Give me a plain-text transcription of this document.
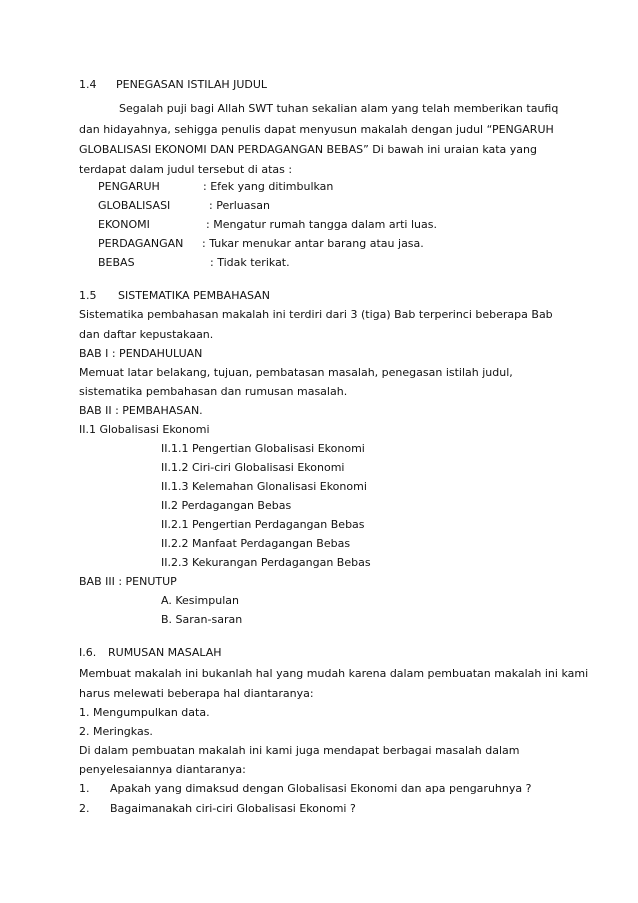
1.4 PENEGASAN ISTILAH JUDUL
Segalah puji bagi Allah SWT tuhan sekalian alam yang telah memberikan taufiq
dan hidayahnya, sehigga penulis dapat menyusun makalah dengan judul “PENGARUH
GLOBALISASI EKONOMI DAN PERDAGANGAN BEBAS” Di bawah ini uraian kata yang
terdapat dalam judul tersebut di atas :
PENGARUH	: Efek yang ditimbulkan
GLOBALISASI	: Perluasan
EKONOMI	: Mengatur rumah tangga dalam arti luas.
PERDAGANGAN : Tukar menukar antar barang atau jasa.
BEBAS	: Tidak terikat.
1.5 SISTEMATIKA PEMBAHASAN
Sistematika pembahasan makalah ini terdiri dari 3 (tiga) Bab terperinci beberapa Bab
dan daftar kepustakaan.
BAB I : PENDAHULUAN
Memuat latar belakang, tujuan, pembatasan masalah, penegasan istilah judul,
sistematika pembahasan dan rumusan masalah.
BAB II : PEMBAHASAN.
II.1 Globalisasi Ekonomi
II.1.1 Pengertian Globalisasi Ekonomi
II.1.2 Ciri-ciri Globalisasi Ekonomi
II.1.3 Kelemahan Glonalisasi Ekonomi
II.2 Perdagangan Bebas
II.2.1 Pengertian Perdagangan Bebas
II.2.2 Manfaat Perdagangan Bebas
II.2.3 Kekurangan Perdagangan Bebas
BAB III : PENUTUP
A. Kesimpulan
B. Saran-saran
I.6. RUMUSAN MASALAH
Membuat makalah ini bukanlah hal yang mudah karena dalam pembuatan makalah ini kami
harus melewati beberapa hal diantaranya:
1. Mengumpulkan data.
2. Meringkas.
Di dalam pembuatan makalah ini kami juga mendapat berbagai masalah dalam
penyelesaiannya diantaranya:
1. Apakah yang dimaksud dengan Globalisasi Ekonomi dan apa pengaruhnya ?
2. Bagaimanakah ciri-ciri Globalisasi Ekonomi ?
